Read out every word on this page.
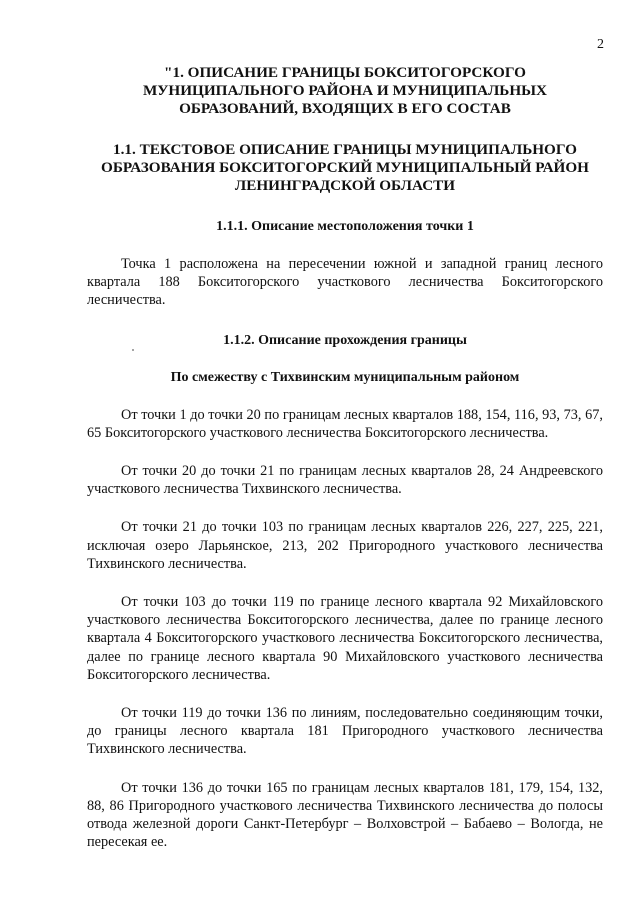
2
"1. ОПИСАНИЕ ГРАНИЦЫ БОКСИТОГОРСКОГО МУНИЦИПАЛЬНОГО РАЙОНА И МУНИЦИПАЛЬНЫХ ОБРАЗОВАНИЙ, ВХОДЯЩИХ В ЕГО СОСТАВ
1.1. ТЕКСТОВОЕ ОПИСАНИЕ ГРАНИЦЫ МУНИЦИПАЛЬНОГО ОБРАЗОВАНИЯ БОКСИТОГОРСКИЙ МУНИЦИПАЛЬНЫЙ РАЙОН ЛЕНИНГРАДСКОЙ ОБЛАСТИ
1.1.1. Описание местоположения точки 1

Точка 1 расположена на пересечении южной и западной границ лесного квартала 188 Бокситогорского участкового лесничества Бокситогорского лесничества.

1.1.2. Описание прохождения границы
По смежеству с Тихвинским муниципальным районом

От точки 1 до точки 20 по границам лесных кварталов 188, 154, 116, 93, 73, 67, 65 Бокситогорского участкового лесничества Бокситогорского лесничества.

От точки 20 до точки 21 по границам лесных кварталов 28, 24 Андреевского участкового лесничества Тихвинского лесничества.

От точки 21 до точки 103 по границам лесных кварталов 226, 227, 225, 221, исключая озеро Ларьянское, 213, 202 Пригородного участкового лесничества Тихвинского лесничества.

От точки 103 до точки 119 по границе лесного квартала 92 Михайловского участкового лесничества Бокситогорского лесничества, далее по границе лесного квартала 4 Бокситогорского участкового лесничества Бокситогорского лесничества, далее по границе лесного квартала 90 Михайловского участкового лесничества Бокситогорского лесничества.

От точки 119 до точки 136 по линиям, последовательно соединяющим точки, до границы лесного квартала 181 Пригородного участкового лесничества Тихвинского лесничества.

От точки 136 до точки 165 по границам лесных кварталов 181, 179, 154, 132, 88, 86 Пригородного участкового лесничества Тихвинского лесничества до полосы отвода железной дороги Санкт-Петербург – Волховстрой – Бабаево – Вологда, не пересекая ее.
